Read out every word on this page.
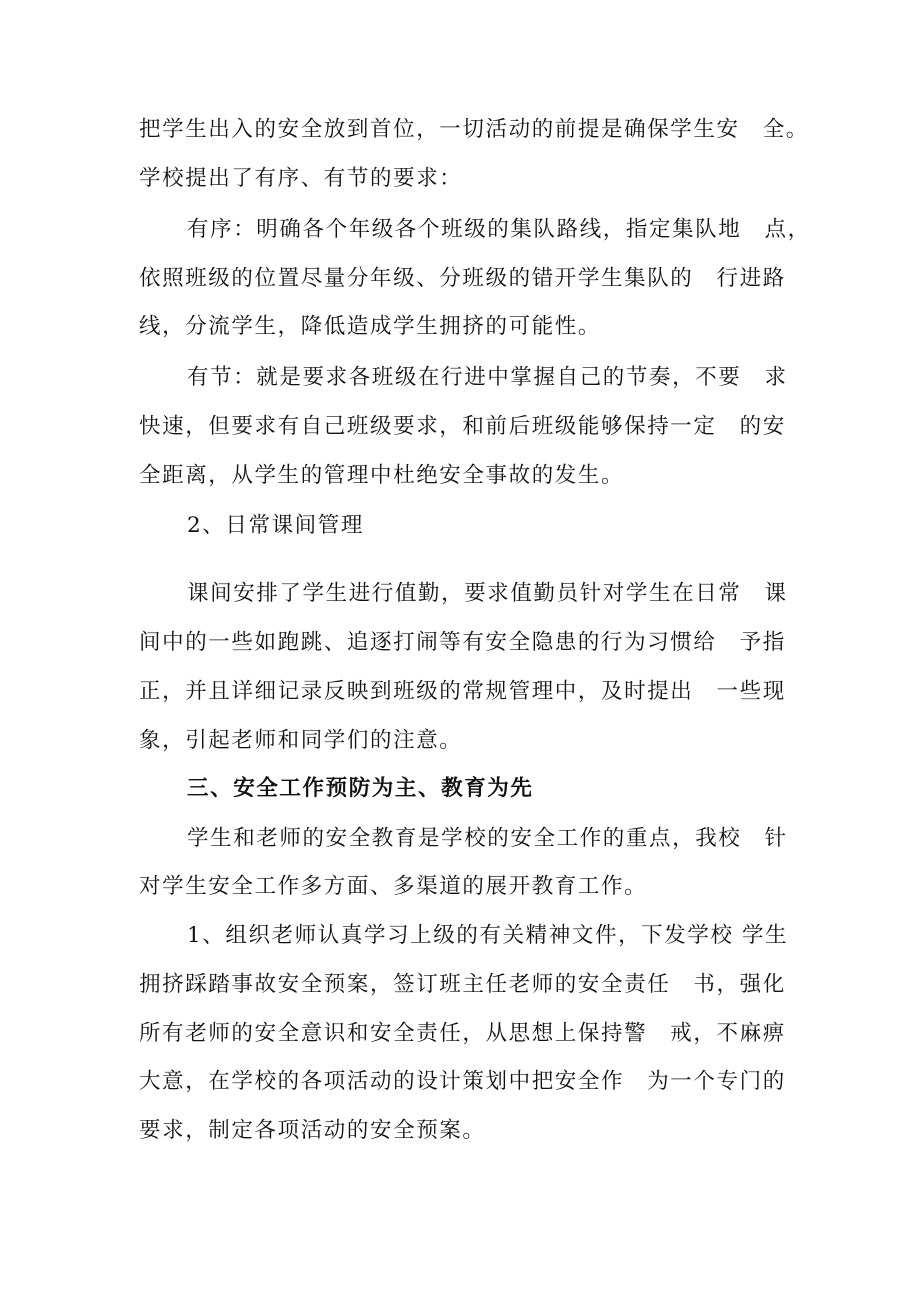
把学生出入的安全放到首位，一切活动的前提是确保学生安　全。
学校提出了有序、有节的要求：
有序：明确各个年级各个班级的集队路线，指定集队地　点，
依照班级的位置尽量分年级、分班级的错开学生集队的　行进路
线，分流学生，降低造成学生拥挤的可能性。
有节：就是要求各班级在行进中掌握自己的节奏，不要　求
快速，但要求有自己班级要求，和前后班级能够保持一定　的安
全距离，从学生的管理中杜绝安全事故的发生。
2、日常课间管理
课间安排了学生进行值勤，要求值勤员针对学生在日常　课
间中的一些如跑跳、追逐打闹等有安全隐患的行为习惯给　予指
正，并且详细记录反映到班级的常规管理中，及时提出　一些现
象，引起老师和同学们的注意。
三、安全工作预防为主、教育为先
学生和老师的安全教育是学校的安全工作的重点，我校　针
对学生安全工作多方面、多渠道的展开教育工作。
1、组织老师认真学习上级的有关精神文件，下发学校 学生
拥挤踩踏事故安全预案，签订班主任老师的安全责任　书，强化
所有老师的安全意识和安全责任，从思想上保持警　戒，不麻痹
大意，在学校的各项活动的设计策划中把安全作　为一个专门的
要求，制定各项活动的安全预案。
